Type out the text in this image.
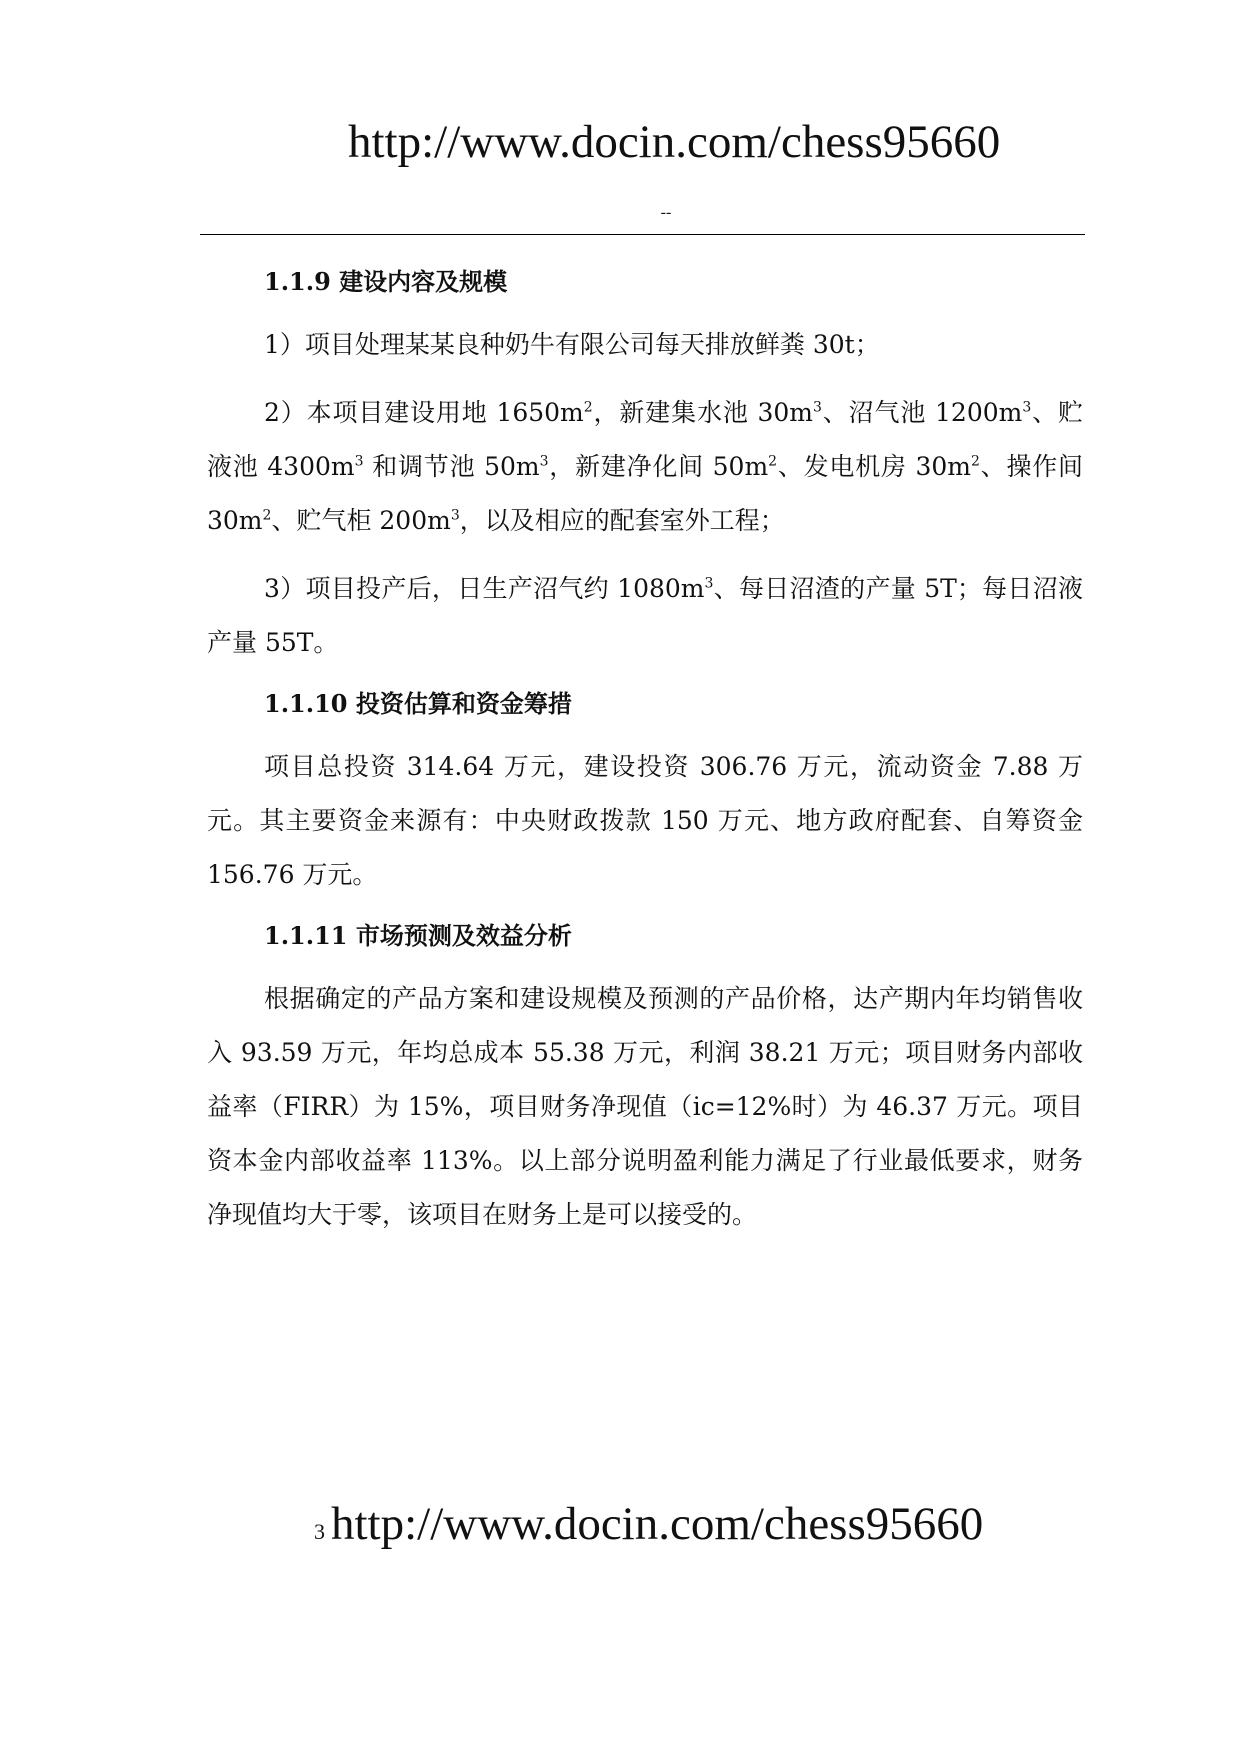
http://www.docin.com/chess95660
--
1.1.9 建设内容及规模
1）项目处理某某良种奶牛有限公司每天排放鲜粪 30t；
2）本项目建设用地 $1650m^2$，新建集水池 $30m^3$、沼气池 $1200m^3$、贮液池 $4300m^3$ 和调节池 $50m^3$，新建净化间 $50m^2$、发电机房 $30m^2$、操作间 $30m^2$、贮气柜 $200m^3$，以及相应的配套室外工程；
3）项目投产后，日生产沼气约 $1080m^3$、每日沼渣的产量 5T；每日沼液产量 55T。
1.1.10 投资估算和资金筹措
项目总投资 314.64 万元，建设投资 306.76 万元，流动资金 7.88 万元。其主要资金来源有：中央财政拨款 150 万元、地方政府配套、自筹资金 156.76 万元。
1.1.11 市场预测及效益分析
根据确定的产品方案和建设规模及预测的产品价格，达产期内年均销售收入 93.59 万元，年均总成本 55.38 万元，利润 38.21 万元；项目财务内部收益率（FIRR）为 15%，项目财务净现值（ic=12%时）为 46.37 万元。项目资本金内部收益率 113%。以上部分说明盈利能力满足了行业最低要求，财务净现值均大于零，该项目在财务上是可以接受的。
3 http://www.docin.com/chess95660
